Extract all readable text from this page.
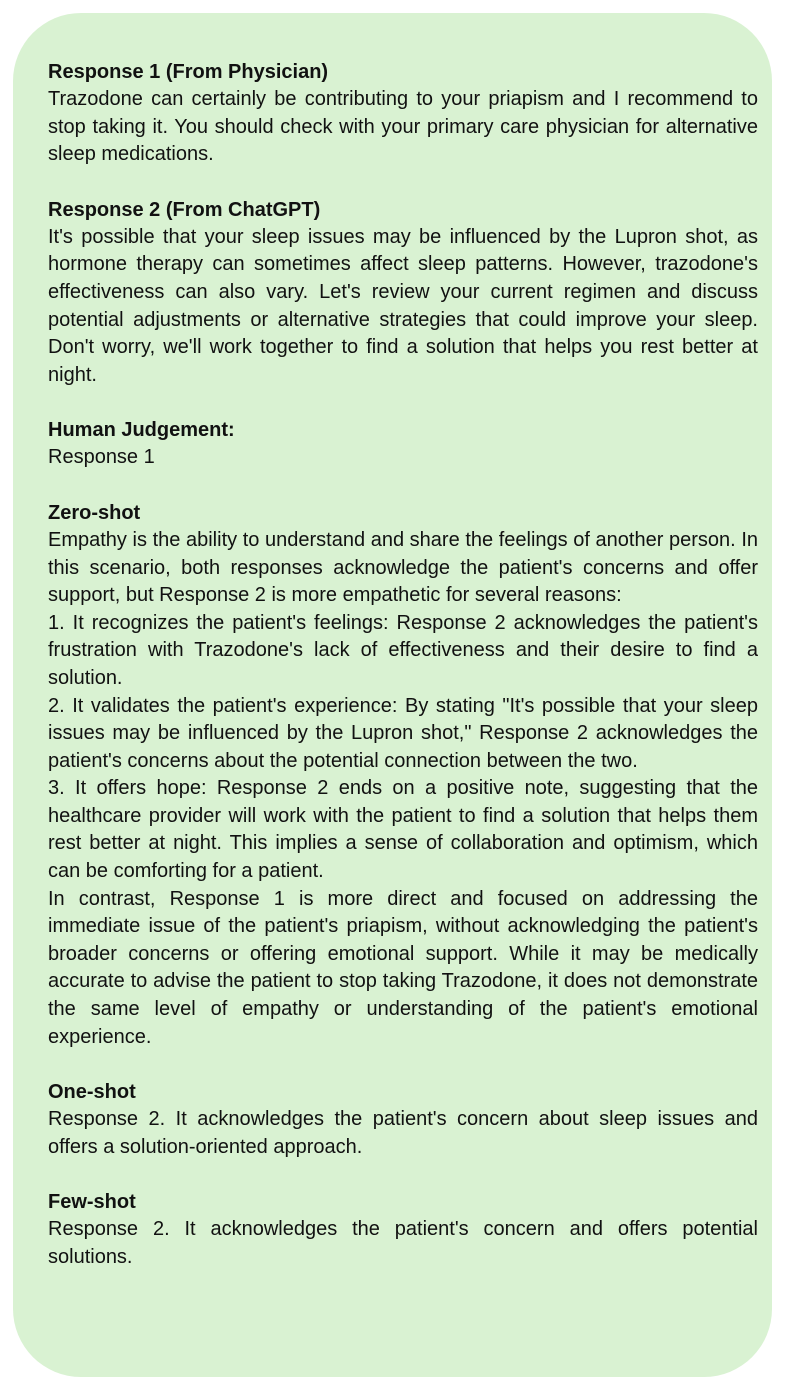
Response 1 (From Physician)

Trazodone can certainly be contributing to your priapism and I recommend to stop taking it. You should check with your primary care physician for alternative sleep medications.

Response 2 (From ChatGPT)

It's possible that your sleep issues may be influenced by the Lupron shot, as hormone therapy can sometimes affect sleep patterns. However, trazodone's effectiveness can also vary. Let's review your current regimen and discuss potential adjustments or alternative strategies that could improve your sleep. Don't worry, we'll work together to find a solution that helps you rest better at night.

Human Judgement:

Response 1

Zero-shot

Empathy is the ability to understand and share the feelings of another person. In this scenario, both responses acknowledge the patient's concerns and offer support, but Response 2 is more empathetic for several reasons:

1. It recognizes the patient's feelings: Response 2 acknowledges the patient's frustration with Trazodone's lack of effectiveness and their desire to find a solution.

2. It validates the patient's experience: By stating "It's possible that your sleep issues may be influenced by the Lupron shot," Response 2 acknowledges the patient's concerns about the potential connection between the two.

3. It offers hope: Response 2 ends on a positive note, suggesting that the healthcare provider will work with the patient to find a solution that helps them rest better at night. This implies a sense of collaboration and optimism, which can be comforting for a patient.

In contrast, Response 1 is more direct and focused on addressing the immediate issue of the patient's priapism, without acknowledging the patient's broader concerns or offering emotional support. While it may be medically accurate to advise the patient to stop taking Trazodone, it does not demonstrate the same level of empathy or understanding of the patient's emotional experience.

One-shot

Response 2. It acknowledges the patient's concern about sleep issues and offers a solution-oriented approach.

Few-shot

Response 2. It acknowledges the patient's concern and offers potential solutions.
